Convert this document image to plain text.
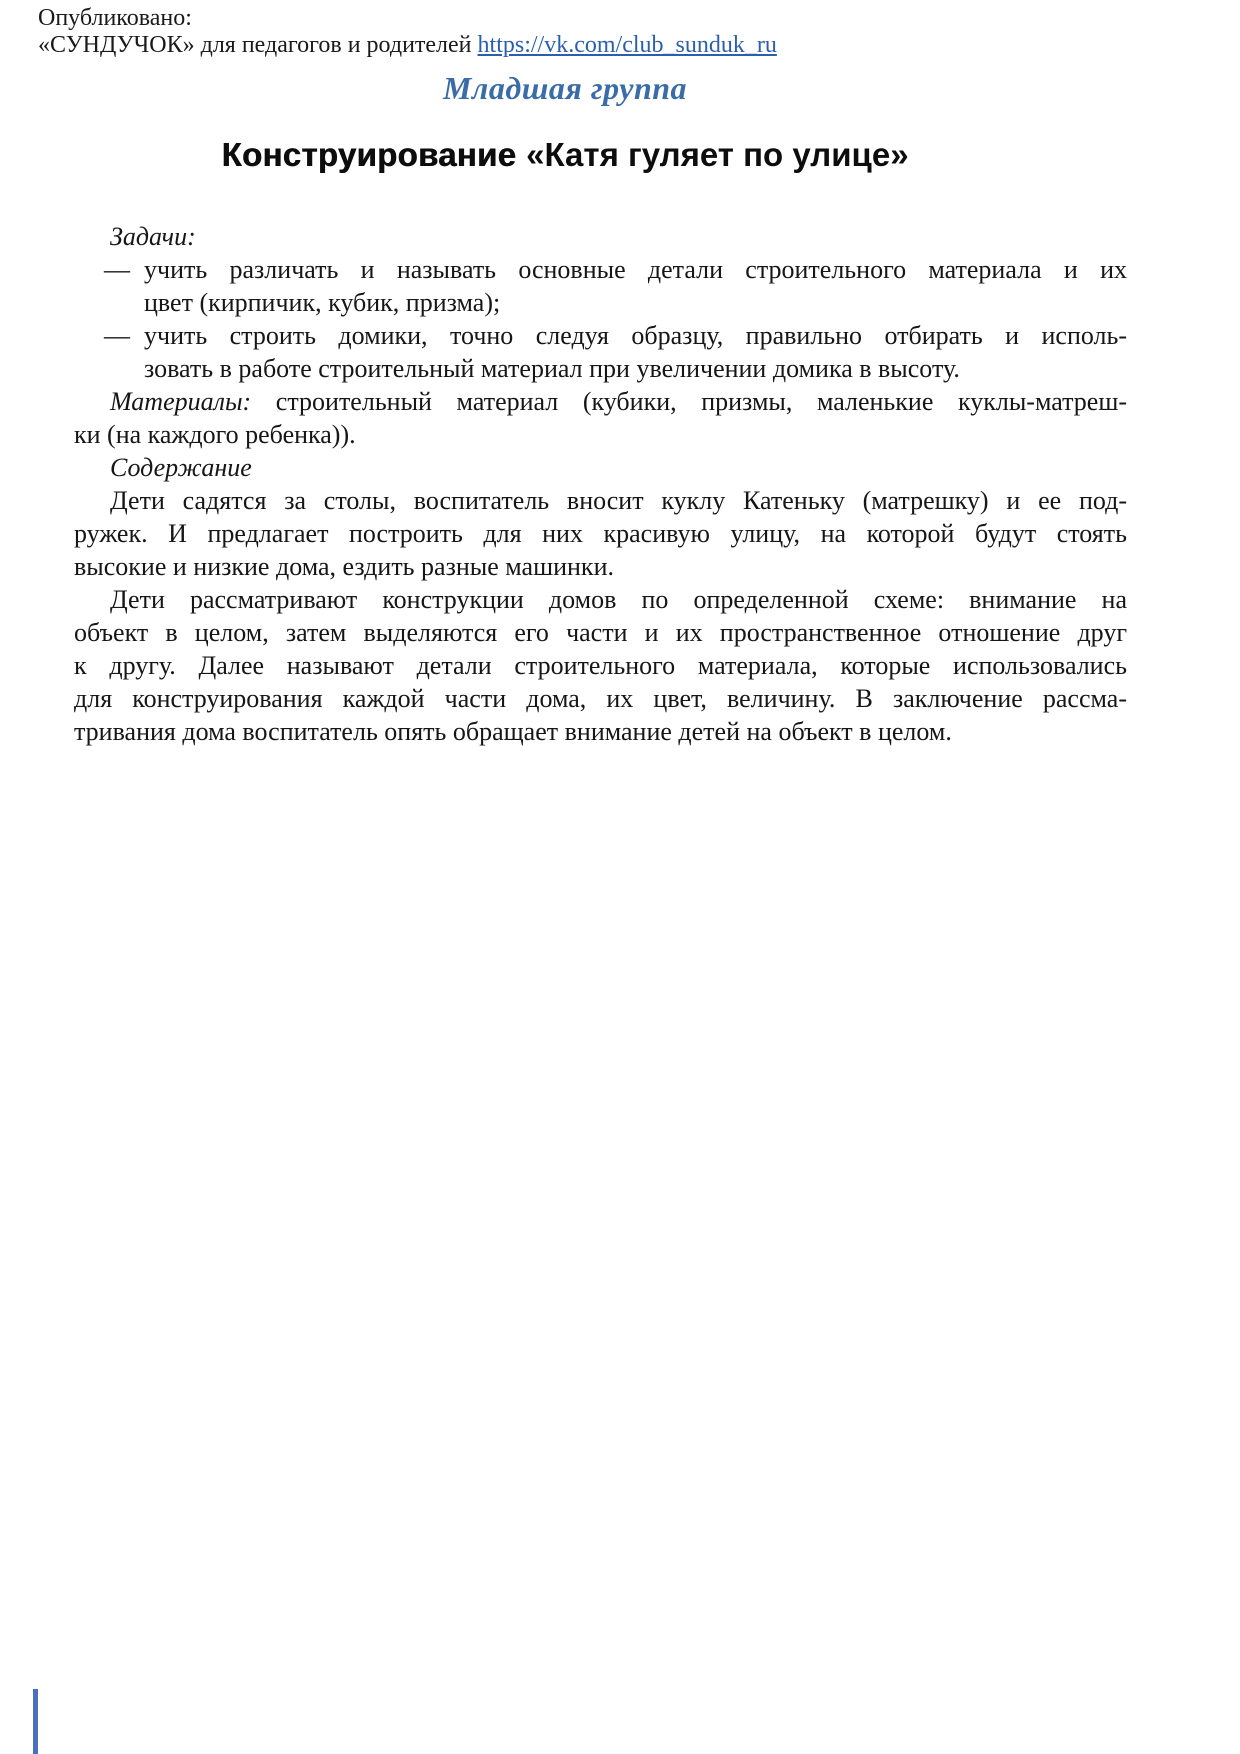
Опубликовано:
«СУНДУЧОК» для педагогов и родителей https://vk.com/club_sunduk_ru
Младшая группа
Конструирование «Катя гуляет по улице»
Задачи:
— учить различать и называть основные детали строительного материала и их
цвет (кирпичик, кубик, призма);
— учить строить домики, точно следуя образцу, правильно отбирать и исполь-
зовать в работе строительный материал при увеличении домика в высоту.
Материалы: строительный материал (кубики, призмы, маленькие куклы-матреш-
ки (на каждого ребенка)).
Содержание
Дети садятся за столы, воспитатель вносит куклу Катеньку (матрешку) и ее под-
ружек. И предлагает построить для них красивую улицу, на которой будут стоять
высокие и низкие дома, ездить разные машинки.
Дети рассматривают конструкции домов по определенной схеме: внимание на
объект в целом, затем выделяются его части и их пространственное отношение друг
к другу. Далее называют детали строительного материала, которые использовались
для конструирования каждой части дома, их цвет, величину. В заключение рассма-
тривания дома воспитатель опять обращает внимание детей на объект в целом.
